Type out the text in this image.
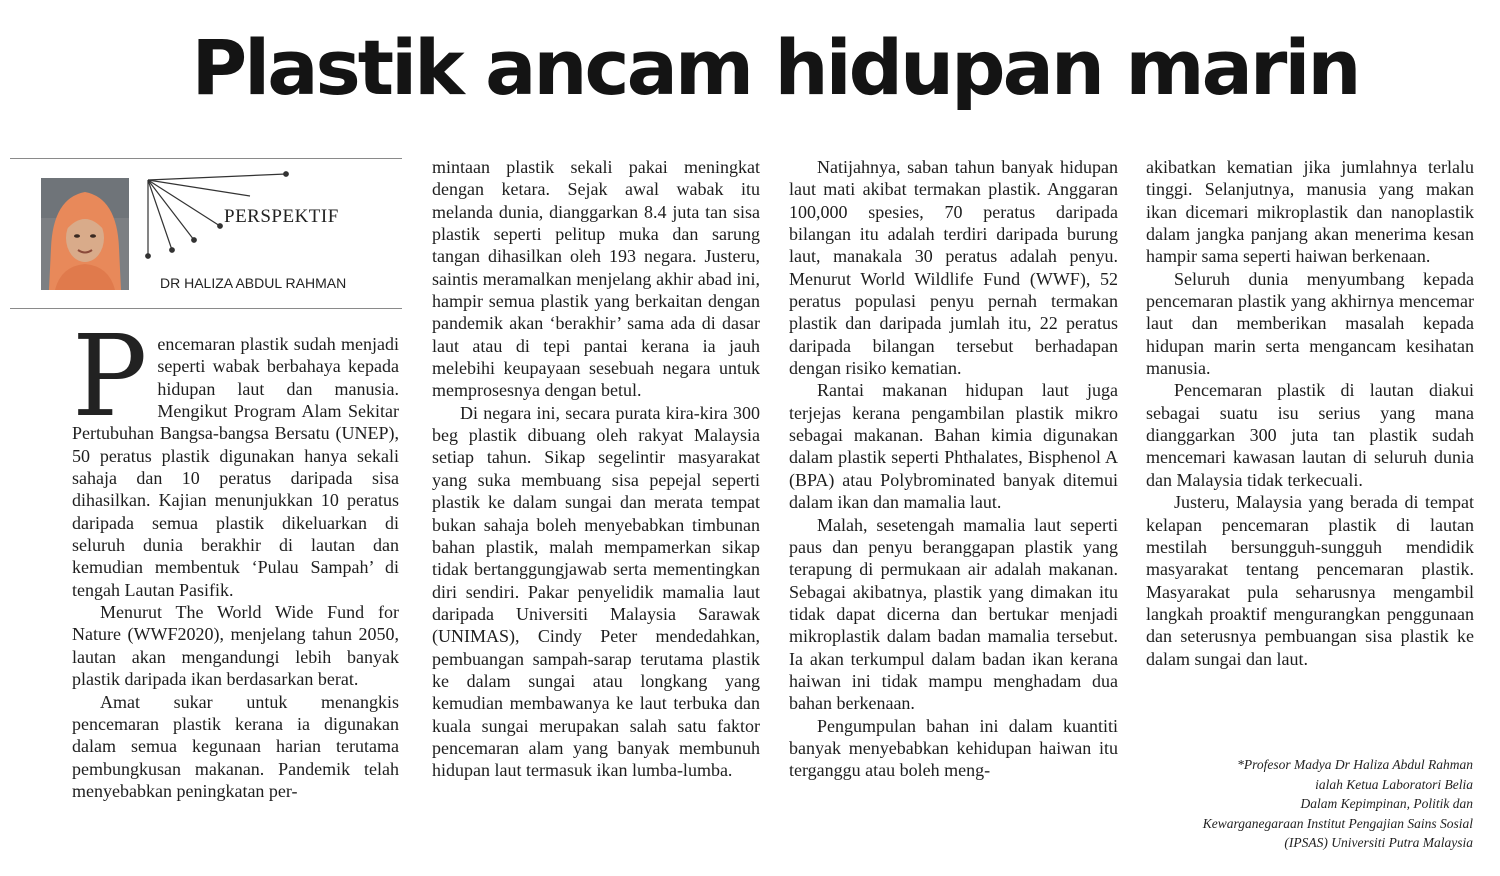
Plastik ancam hidupan marin
PERSPEKTIF
DR HALIZA ABDUL RAHMAN

Pencemaran plastik sudah menjadi seperti wabak berbahaya kepada hidupan laut dan manusia. Mengikut Program Alam Sekitar Pertubuhan Bangsa-bangsa Bersatu (UNEP), 50 peratus plastik digunakan hanya sekali sahaja dan 10 peratus daripada sisa dihasilkan. Kajian menunjukkan 10 peratus daripada semua plastik dikeluarkan di seluruh dunia berakhir di lautan dan kemudian membentuk ‘Pulau Sampah’ di tengah Lautan Pasifik.

Menurut The World Wide Fund for Nature (WWF2020), menjelang tahun 2050, lautan akan mengandungi lebih banyak plastik daripada ikan berdasarkan berat.

Amat sukar untuk menangkis pencemaran plastik kerana ia digunakan dalam semua kegunaan harian terutama pembungkusan makanan. Pandemik telah menyebabkan peningkatan per-

mintaan plastik sekali pakai meningkat dengan ketara. Sejak awal wabak itu melanda dunia, dianggarkan 8.4 juta tan sisa plastik seperti pelitup muka dan sarung tangan dihasilkan oleh 193 negara. Justeru, saintis meramalkan menjelang akhir abad ini, hampir semua plastik yang berkaitan dengan pandemik akan ‘berakhir’ sama ada di dasar laut atau di tepi pantai kerana ia jauh melebihi keupayaan sesebuah negara untuk memprosesnya dengan betul.

Di negara ini, secara purata kira-kira 300 beg plastik dibuang oleh rakyat Malaysia setiap tahun. Sikap segelintir masyarakat yang suka membuang sisa pepejal seperti plastik ke dalam sungai dan merata tempat bukan sahaja boleh menyebabkan timbunan bahan plastik, malah mempamerkan sikap tidak bertanggungjawab serta mementingkan diri sendiri. Pakar penyelidik mamalia laut daripada Universiti Malaysia Sarawak (UNIMAS), Cindy Peter mendedahkan, pembuangan sampah-sarap terutama plastik ke dalam sungai atau longkang yang kemudian membawanya ke laut terbuka dan kuala sungai merupakan salah satu faktor pencemaran alam yang banyak membunuh hidupan laut termasuk ikan lumba-lumba.

Natijahnya, saban tahun banyak hidupan laut mati akibat termakan plastik. Anggaran 100,000 spesies, 70 peratus daripada bilangan itu adalah terdiri daripada burung laut, manakala 30 peratus adalah penyu. Menurut World Wildlife Fund (WWF), 52 peratus populasi penyu pernah termakan plastik dan daripada jumlah itu, 22 peratus daripada bilangan tersebut berhadapan dengan risiko kematian.

Rantai makanan hidupan laut juga terjejas kerana pengambilan plastik mikro sebagai makanan. Bahan kimia digunakan dalam plastik seperti Phthalates, Bisphenol A (BPA) atau Polybrominated banyak ditemui dalam ikan dan mamalia laut.

Malah, sesetengah mamalia laut seperti paus dan penyu beranggapan plastik yang terapung di permukaan air adalah makanan. Sebagai akibatnya, plastik yang dimakan itu tidak dapat dicerna dan bertukar menjadi mikroplastik dalam badan mamalia tersebut. Ia akan terkumpul dalam badan ikan kerana haiwan ini tidak mampu menghadam dua bahan berkenaan.

Pengumpulan bahan ini dalam kuantiti banyak menyebabkan kehidupan haiwan itu terganggu atau boleh meng-

akibatkan kematian jika jumlahnya terlalu tinggi. Selanjutnya, manusia yang makan ikan dicemari mikroplastik dan nanoplastik dalam jangka panjang akan menerima kesan hampir sama seperti haiwan berkenaan.

Seluruh dunia menyumbang kepada pencemaran plastik yang akhirnya mencemar laut dan memberikan masalah kepada hidupan marin serta mengancam kesihatan manusia.

Pencemaran plastik di lautan diakui sebagai suatu isu serius yang mana dianggarkan 300 juta tan plastik sudah mencemari kawasan lautan di seluruh dunia dan Malaysia tidak terkecuali.

Justeru, Malaysia yang berada di tempat kelapan pencemaran plastik di lautan mestilah bersungguh-sungguh mendidik masyarakat tentang pencemaran plastik. Masyarakat pula seharusnya mengambil langkah proaktif mengurangkan penggunaan dan seterusnya pembuangan sisa plastik ke dalam sungai dan laut.

*Profesor Madya Dr Haliza Abdul Rahman
ialah Ketua Laboratori Belia
Dalam Kepimpinan, Politik dan
Kewarganegaraan Institut Pengajian Sains Sosial
(IPSAS) Universiti Putra Malaysia
